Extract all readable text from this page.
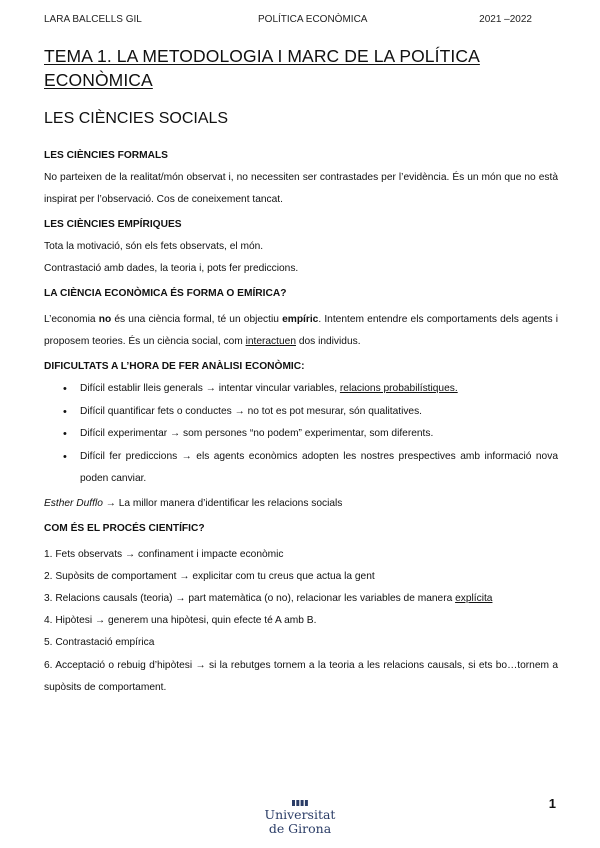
LARA BALCELLS GIL	POLÍTICA ECONÒMICA	2021 –2022
TEMA 1. LA METODOLOGIA I MARC DE LA POLÍTICA
ECONÒMICA
LES CIÈNCIES SOCIALS
LES CIÈNCIES FORMALS

No parteixen de la realitat/món observat i, no necessiten ser contrastades per l’evidència. És un món que no està inspirat per l’observació. Cos de coneixement tancat.

LES CIÈNCIES EMPÍRIQUES

Tota la motivació, són els fets observats, el món.

Contrastació amb dades, la teoria i, pots fer prediccions.

LA CIÈNCIA ECONÒMICA ÉS FORMA O EMÍRICA?

L’economia no és una ciència formal, té un objectiu empíric. Intentem entendre els comportaments dels agents i proposem teories. És un ciència social, com interactuen dos individus.

DIFICULTATS A L’HORA DE FER ANÀLISI ECONÒMIC:
• Difícil establir lleis generals → intentar vincular variables, relacions probabilístiques.
• Difícil quantificar fets o conductes → no tot es pot mesurar, són qualitatives.
• Difícil experimentar → som persones “no podem” experimentar, som diferents.
• Difícil fer prediccions → els agents econòmics adopten les nostres prespectives amb informació nova poden canviar.

Esther Dufflo → La millor manera d’identificar les relacions socials

COM ÉS EL PROCÉS CIENTÍFIC?

1. Fets observats → confinament i impacte econòmic

2. Supòsits de comportament → explicitar com tu creus que actua la gent

3. Relacions causals (teoria) → part matemàtica (o no), relacionar les variables de manera explícita

4. Hipòtesi → generem una hipòtesi, quin efecte té A amb B.

5. Contrastació empírica

6. Acceptació o rebuig d’hipòtesi → si la rebutges tornem a la teoria a les relacions causals, si ets bo…tornem a supòsits de comportament.

1
Universitat
de Girona
